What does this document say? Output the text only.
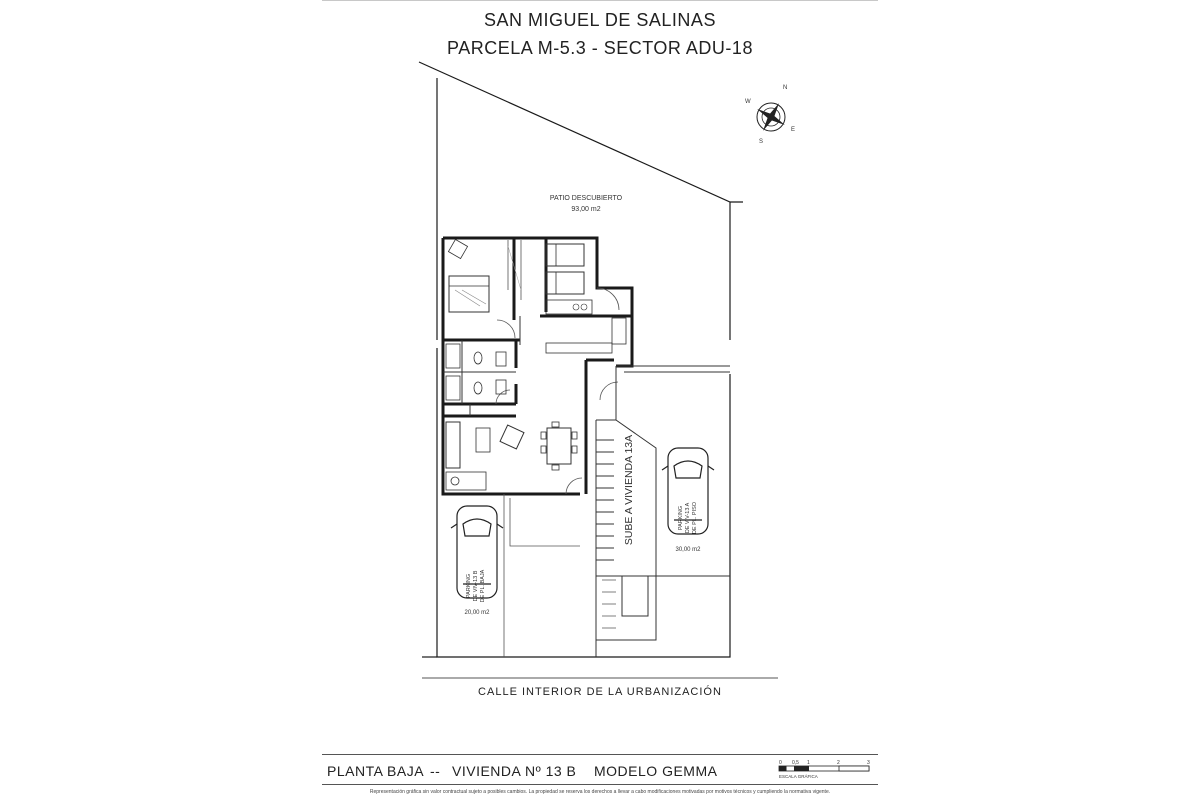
SAN MIGUEL DE SALINAS
PARCELA M-5.3 - SECTOR ADU-18
N
E
S
W
PATIO DESCUBIERTO
93,00 m2
SUBE A VIVIENDA 13A	PARKING DE VIV-13 A DE PL. PISO
30,00 m2
PARKING DE VIV-13 B DE PL. BAJA
20,00 m2
0 0,5 1	2	3
ESCALA GRÁFICA
CALLE INTERIOR DE LA URBANIZACIÓN
PLANTA BAJA -- VIVIENDA Nº 13 B MODELO GEMMA
Representación gráfica sin valor contractual sujeto a posibles cambios. La propiedad se reserva los derechos a llevar a cabo modificaciones motivadas por motivos técnicos y cumpliendo la normativa vigente.
